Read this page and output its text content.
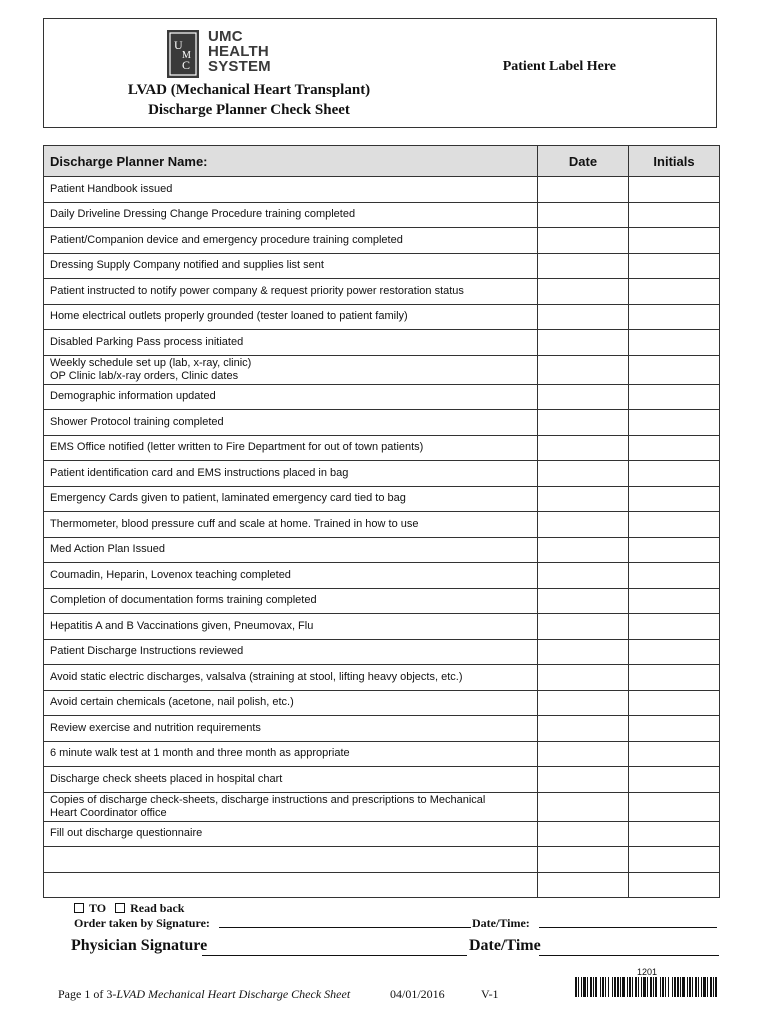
U
M
C
UMC
HEALTH
SYSTEM
LVAD (Mechanical Heart Transplant)
Discharge Planner Check Sheet
Patient Label Here
Discharge Planner Name:	Date	Initials

Patient Handbook issued		

Daily Driveline Dressing Change Procedure training completed		

Patient/Companion device and emergency procedure training completed		

Dressing Supply Company notified and supplies list sent		

Patient instructed to notify power company & request priority power restoration status		

Home electrical outlets properly grounded (tester loaned to patient family)		

Disabled Parking Pass process initiated		

Weekly schedule set up (lab, x-ray, clinic)
OP Clinic lab/x-ray orders, Clinic dates		

Demographic information updated		

Shower Protocol training completed		

EMS Office notified (letter written to Fire Department for out of town patients)		

Patient identification card and EMS instructions placed in bag		

Emergency Cards given to patient, laminated emergency card tied to bag		

Thermometer, blood pressure cuff and scale at home. Trained in how to use		

Med Action Plan Issued		

Coumadin, Heparin, Lovenox teaching completed		

Completion of documentation forms training completed		

Hepatitis A and B Vaccinations given, Pneumovax, Flu		

Patient Discharge Instructions reviewed		

Avoid static electric discharges, valsalva (straining at stool, lifting heavy objects, etc.)		

Avoid certain chemicals (acetone, nail polish, etc.)		

Review exercise and nutrition requirements		

6 minute walk test at 1 month and three month as appropriate		

Discharge check sheets placed in hospital chart		

Copies of discharge check-sheets, discharge instructions and prescriptions to Mechanical
Heart Coordinator office		

Fill out discharge questionnaire		

TO Read back
Order taken by Signature:	Date/Time:
Physician Signature	Date/Time
Page 1 of 3-LVAD Mechanical Heart Discharge Check Sheet	04/01/2016	V-1
1201
